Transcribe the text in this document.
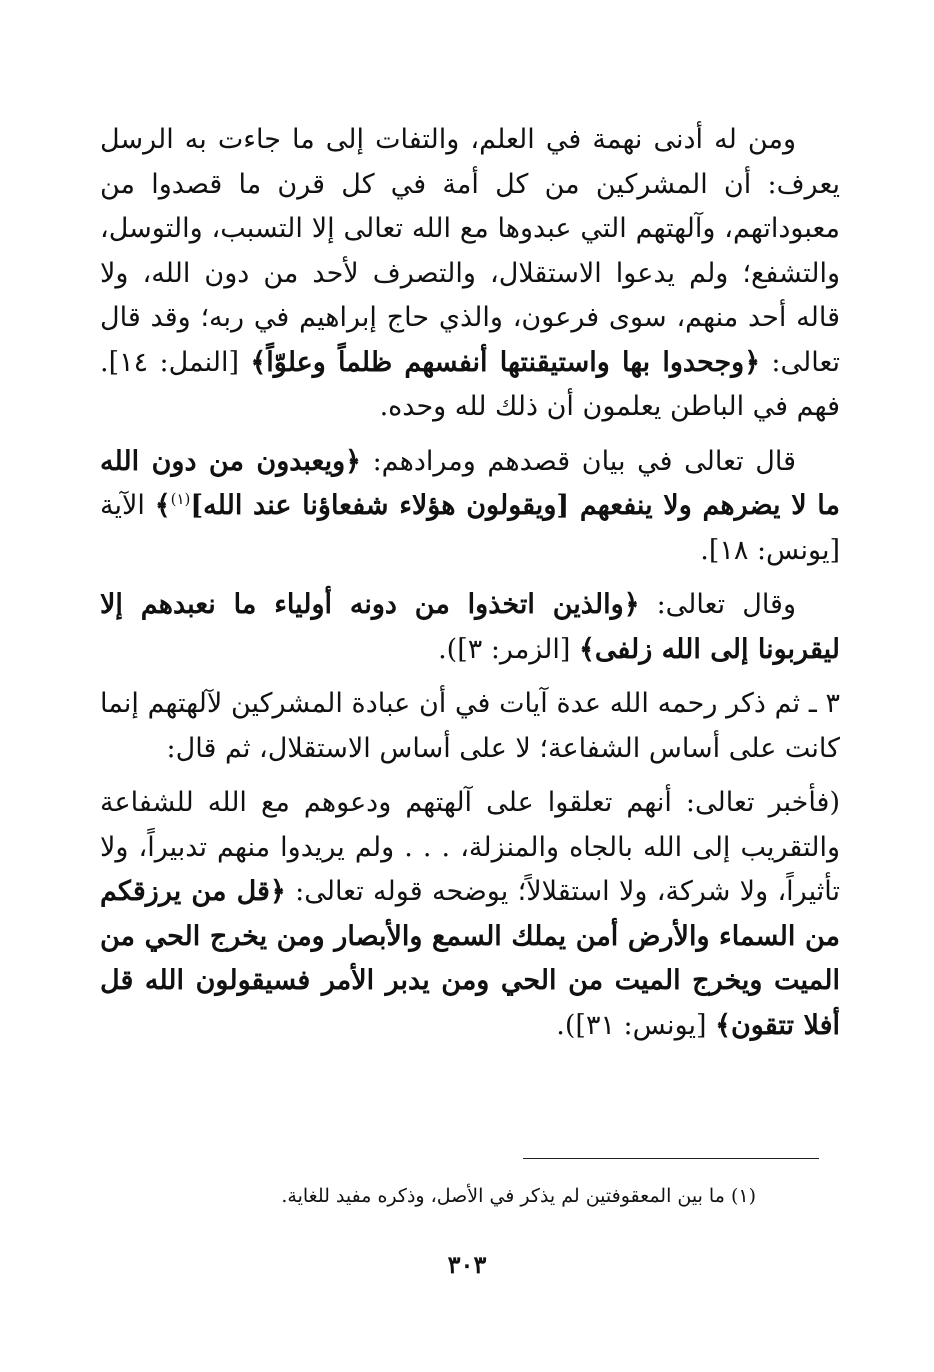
ومن له أدنى نهمة في العلم، والتفات إلى ما جاءت به الرسل يعرف: أن المشركين من كل أمة في كل قرن ما قصدوا من معبوداتهم، وآلهتهم التي عبدوها مع الله تعالى إلا التسبب، والتوسل، والتشفع؛ ولم يدعوا الاستقلال، والتصرف لأحد من دون الله، ولا قاله أحد منهم، سوى فرعون، والذي حاج إبراهيم في ربه؛ وقد قال تعالى: ﴿وجحدوا بها واستيقنتها أنفسهم ظلماً وعلوّاً﴾ [النمل: ١٤]. فهم في الباطن يعلمون أن ذلك لله وحده.

قال تعالى في بيان قصدهم ومرادهم: ﴿ويعبدون من دون الله ما لا يضرهم ولا ينفعهم [ويقولون هؤلاء شفعاؤنا عند الله]$^{(١)}$﴾ الآية [يونس: ١٨].

وقال تعالى: ﴿والذين اتخذوا من دونه أولياء ما نعبدهم إلا ليقربونا إلى الله زلفى﴾ [الزمر: ٣]).

٣ ـ ثم ذكر رحمه الله عدة آيات في أن عبادة المشركين لآلهتهم إنما كانت على أساس الشفاعة؛ لا على أساس الاستقلال، ثم قال:

(فأخبر تعالى: أنهم تعلقوا على آلهتهم ودعوهم مع الله للشفاعة والتقريب إلى الله بالجاه والمنزلة، . . . ولم يريدوا منهم تدبيراً، ولا تأثيراً، ولا شركة، ولا استقلالاً؛ يوضحه قوله تعالى: ﴿قل من يرزقكم من السماء والأرض أمن يملك السمع والأبصار ومن يخرج الحي من الميت ويخرج الميت من الحي ومن يدبر الأمر فسيقولون الله قل أفلا تتقون﴾ [يونس: ٣١]).

(١) ما بين المعقوفتين لم يذكر في الأصل، وذكره مفيد للغاية.
٣٠٣
